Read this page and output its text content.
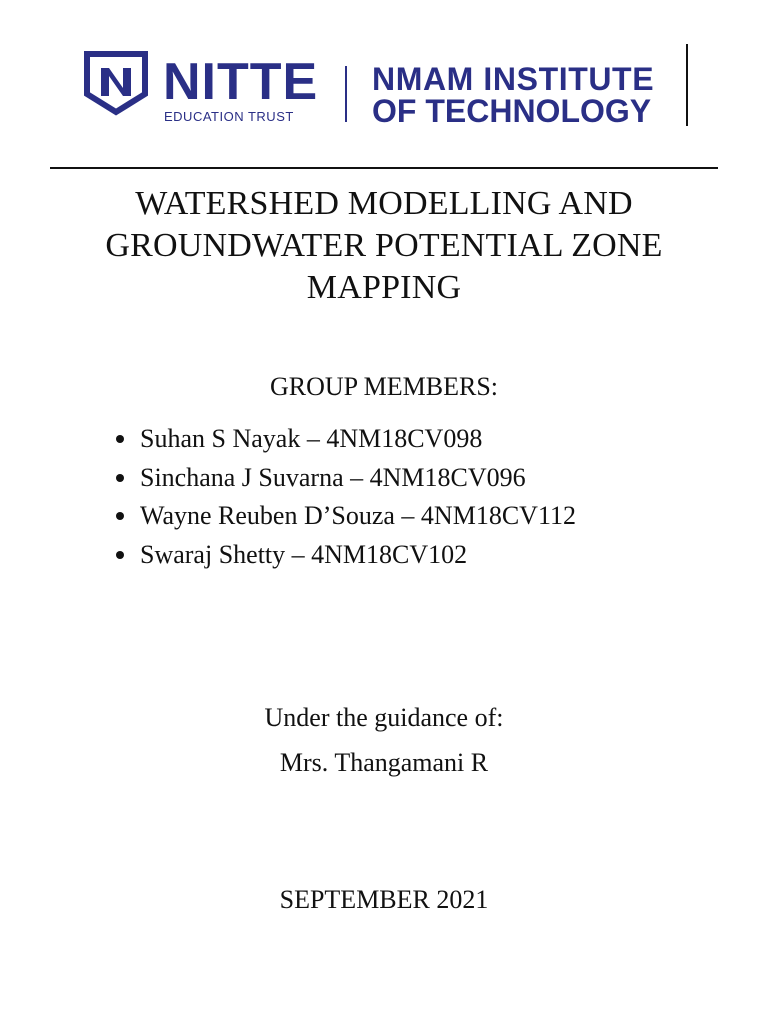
NITTE
EDUCATION TRUST
NMAM INSTITUTE
OF TECHNOLOGY
WATERSHED MODELLING AND
GROUNDWATER POTENTIAL ZONE
MAPPING
GROUP MEMBERS:
Suhan S Nayak – 4NM18CV098
Sinchana J Suvarna – 4NM18CV096
Wayne Reuben D’Souza – 4NM18CV112
Swaraj Shetty – 4NM18CV102
Under the guidance of:
Mrs. Thangamani R
SEPTEMBER 2021
